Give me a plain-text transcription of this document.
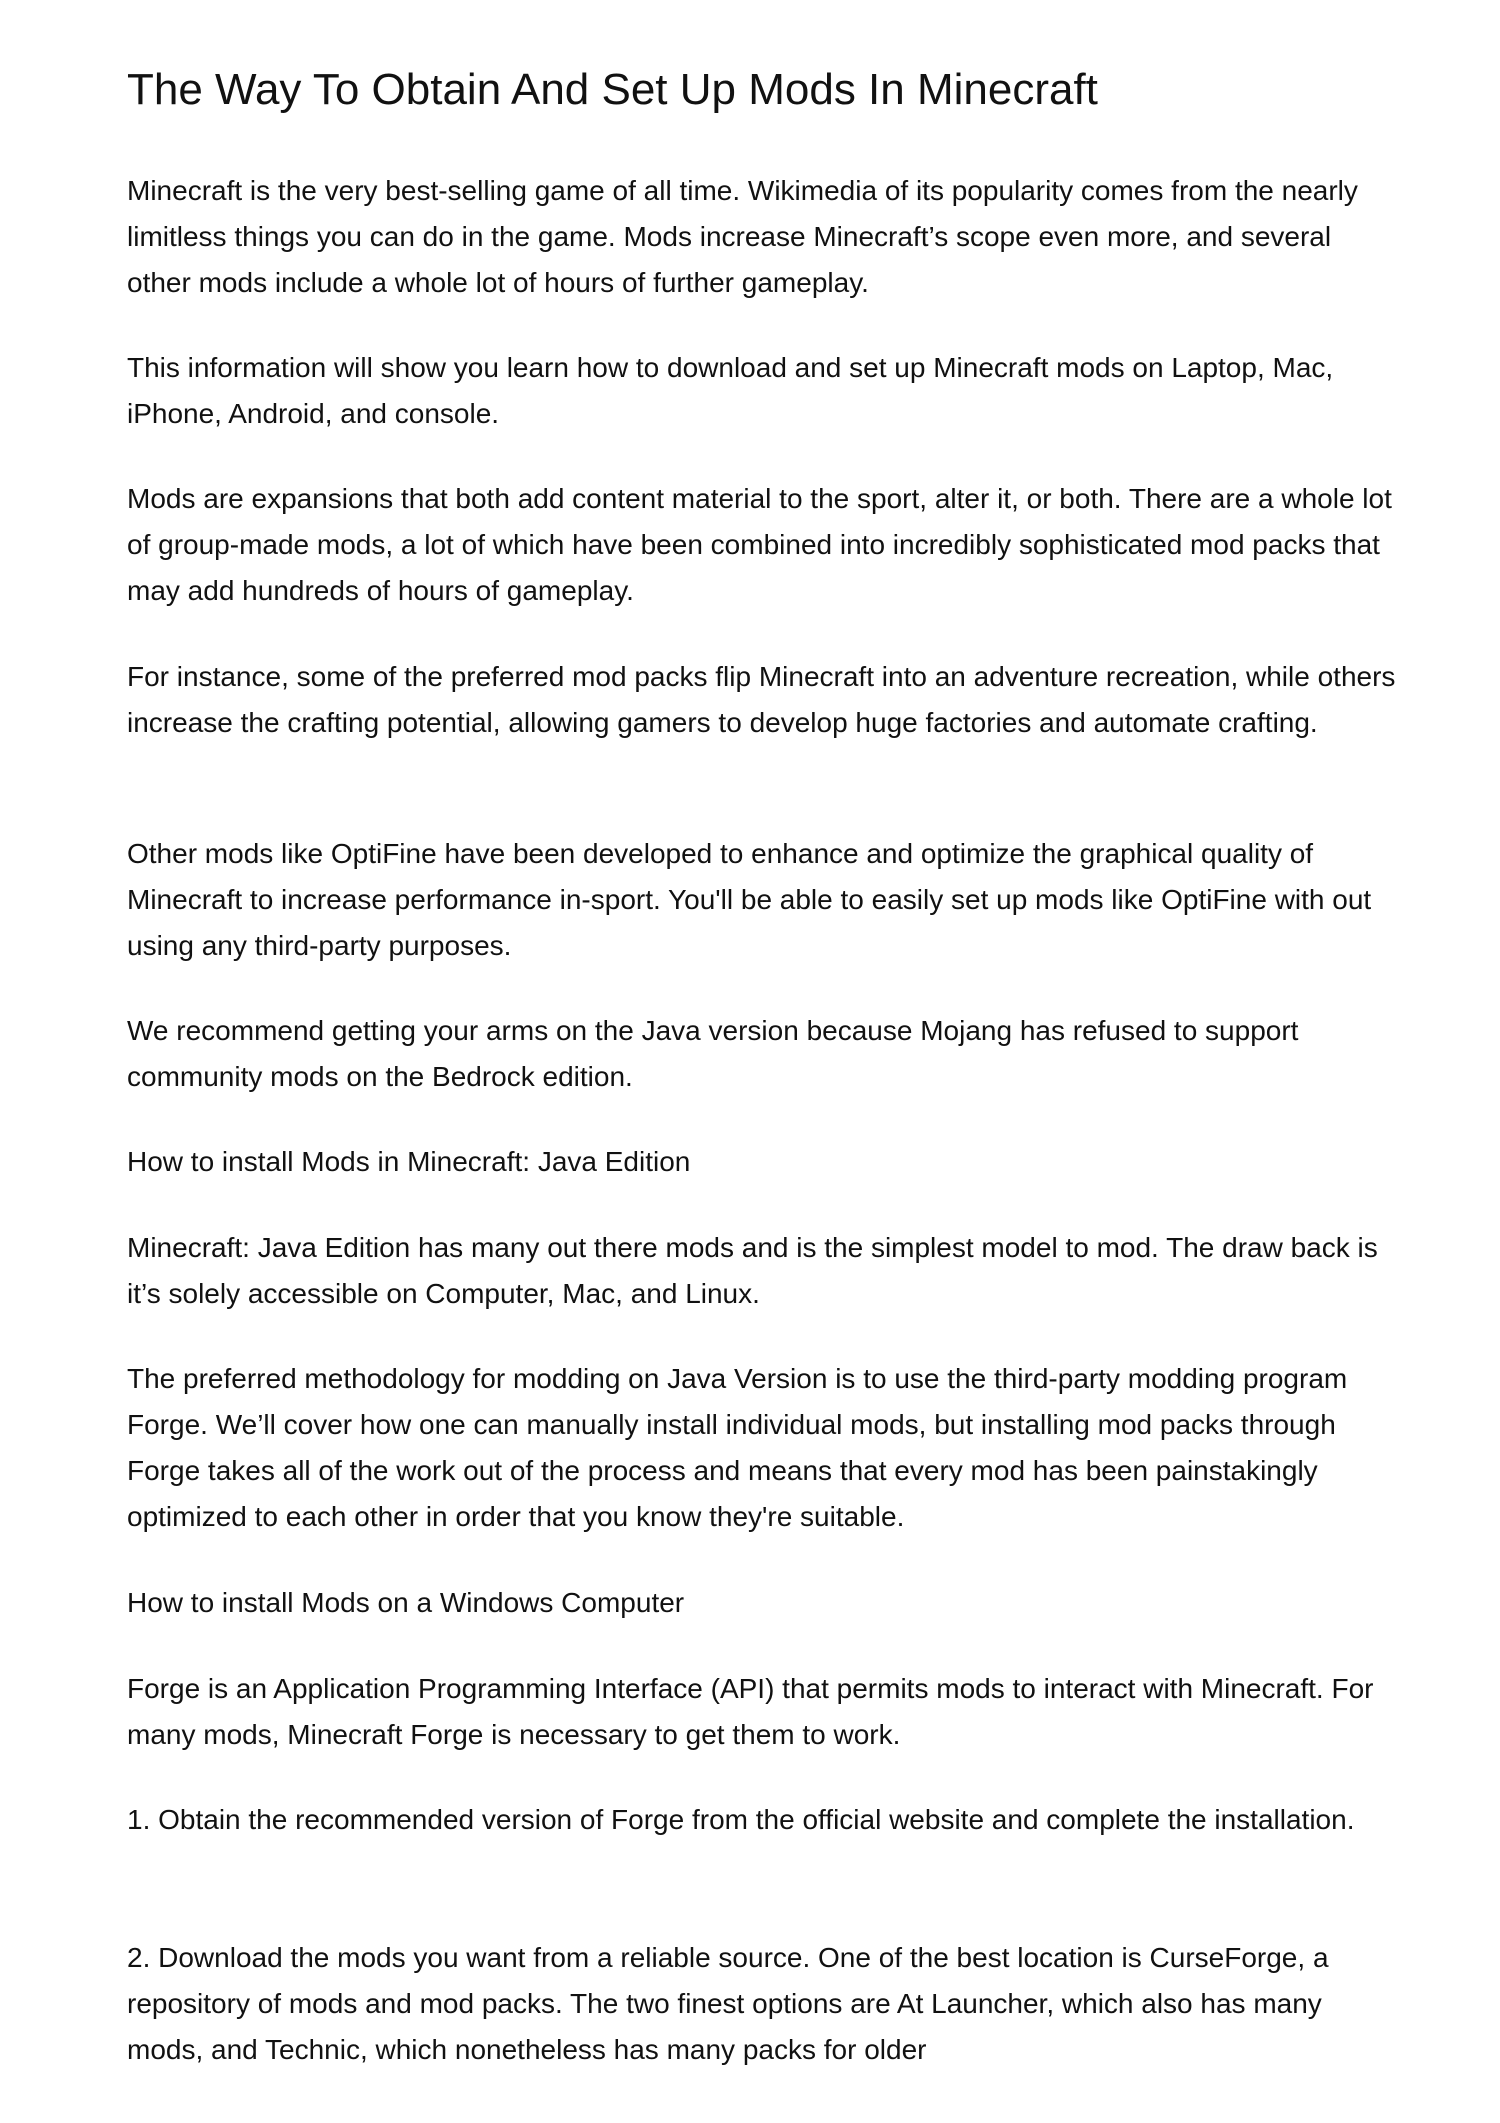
The Way To Obtain And Set Up Mods In Minecraft

Minecraft is the very best-selling game of all time. Wikimedia of its popularity comes from the nearly limitless things you can do in the game. Mods increase Minecraft’s scope even more, and several other mods include a whole lot of hours of further gameplay.

This information will show you learn how to download and set up Minecraft mods on Laptop, Mac, iPhone, Android, and console.

Mods are expansions that both add content material to the sport, alter it, or both. There are a whole lot of group-made mods, a lot of which have been combined into incredibly sophisticated mod packs that may add hundreds of hours of gameplay.

For instance, some of the preferred mod packs flip Minecraft into an adventure recreation, while others increase the crafting potential, allowing gamers to develop huge factories and automate crafting.

Other mods like OptiFine have been developed to enhance and optimize the graphical quality of Minecraft to increase performance in-sport. You'll be able to easily set up mods like OptiFine with out using any third-party purposes.

We recommend getting your arms on the Java version because Mojang has refused to support community mods on the Bedrock edition.

How to install Mods in Minecraft: Java Edition

Minecraft: Java Edition has many out there mods and is the simplest model to mod. The draw back is it’s solely accessible on Computer, Mac, and Linux.

The preferred methodology for modding on Java Version is to use the third-party modding program Forge. We’ll cover how one can manually install individual mods, but installing mod packs through Forge takes all of the work out of the process and means that every mod has been painstakingly optimized to each other in order that you know they're suitable.

How to install Mods on a Windows Computer

Forge is an Application Programming Interface (API) that permits mods to interact with Minecraft. For many mods, Minecraft Forge is necessary to get them to work.

1. Obtain the recommended version of Forge from the official website and complete the installation.

2. Download the mods you want from a reliable source. One of the best location is CurseForge, a repository of mods and mod packs. The two finest options are At Launcher, which also has many mods, and Technic, which nonetheless has many packs for older
